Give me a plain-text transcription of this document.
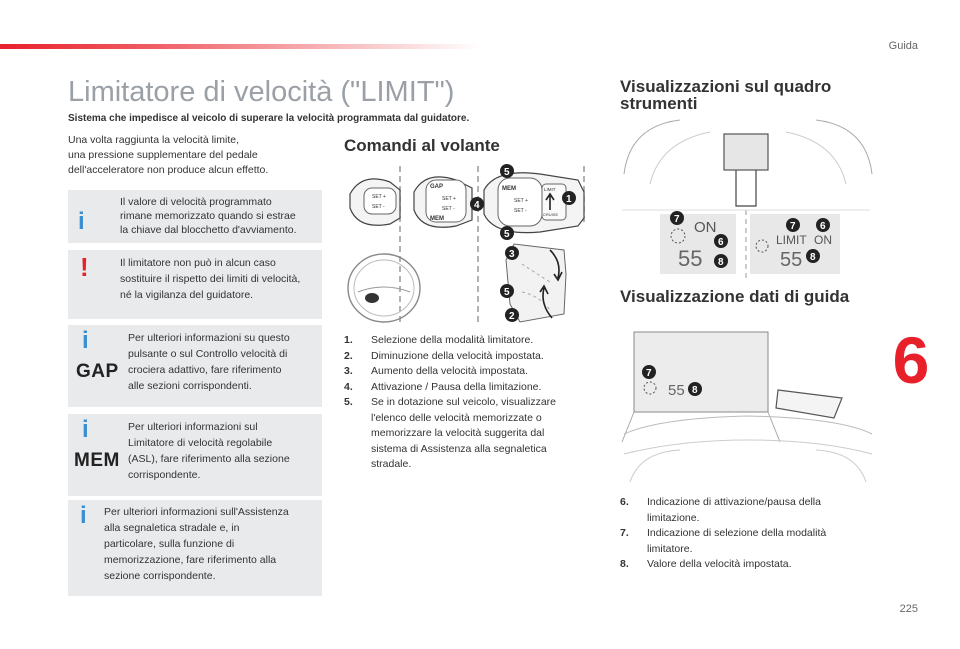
Guida
225
6
Limitatore di velocità ("LIMIT")
Sistema che impedisce al veicolo di superare la velocità programmata dal guidatore.
Una volta raggiunta la velocità limite,
una pressione supplementare del pedale
dell'acceleratore non produce alcun effetto.
i
Il valore di velocità programmato
rimane memorizzato quando si estrae
la chiave dal blocchetto d'avviamento.
!	Il limitatore non può in alcun caso
sostituire il rispetto dei limiti di velocità,
né la vigilanza del guidatore.
i
GAP
Per ulteriori informazioni su questo
pulsante o sul Controllo velocità di
crociera adattivo, fare riferimento
alle sezioni corrispondenti.
i
MEM
Per ulteriori informazioni sul
Limitatore di velocità regolabile
(ASL), fare riferimento alla sezione
corrispondente.
i Per ulteriori informazioni sull'Assistenza
alla segnaletica stradale e, in
particolare, sulla funzione di
memorizzazione, fare riferimento alla
sezione corrispondente.
Comandi al volante
SET +
SET -
GAP
SET +
SET -
MEM
MEM
SET +
SET -
LIMIT
CRUISE
1
4
5
5
3
5
2
1. Selezione della modalità limitatore.
2. Diminuzione della velocità impostata.
3. Aumento della velocità impostata.
4. Attivazione / Pausa della limitazione.
5. Se in dotazione sul veicolo, visualizzare
l'elenco delle velocità memorizzate o
memorizzare la velocità suggerita dal
sistema di Assistenza alla segnaletica
stradale.
Visualizzazioni sul quadro
strumenti
ON
55
LIMIT ON
55
7
6
8
7 6
8
Visualizzazione dati di guida
55
7
8
6. Indicazione di attivazione/pausa della
limitazione.
7. Indicazione di selezione della modalità
limitatore.
8. Valore della velocità impostata.
